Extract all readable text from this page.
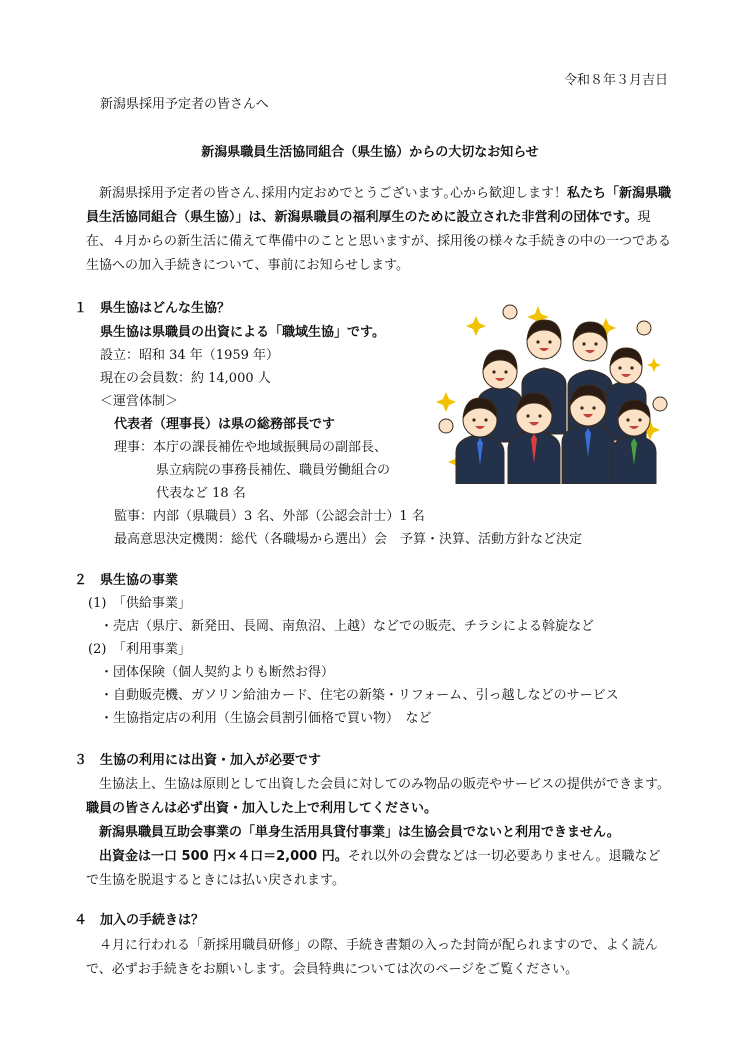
令和８年３月吉日
新潟県採用予定者の皆さんへ
新潟県職員生活協同組合（県生協）からの大切なお知らせ
新潟県採用予定者の皆さん､採用内定おめでとうございます｡心から歓迎します！私たち「新潟県職員生活協同組合（県生協）」は、新潟県職員の福利厚生のために設立された非営利の団体です。現在、４月からの新生活に備えて準備中のことと思いますが、採用後の様々な手続きの中の一つである生協への加入手続きについて、事前にお知らせします。
１　県生協はどんな生協？
県生協は県職員の出資による「職域生協」です。
設立：昭和 34 年（1959 年）
現在の会員数：約 14,000 人
＜運営体制＞
代表者（理事長）は県の総務部長です
理事：本庁の課長補佐や地域振興局の副部長、
県立病院の事務長補佐、職員労働組合の
代表など 18 名
監事：内部（県職員）3 名、外部（公認会計士）1 名
最高意思決定機関：総代（各職場から選出）会　予算・決算、活動方針など決定
２　県生協の事業
(1)　「供給事業」
・売店（県庁、新発田、長岡、南魚沼、上越）などでの販売、チラシによる斡旋など
(2)　「利用事業」
・団体保険（個人契約よりも断然お得）
・自動販売機、ガソリン給油カード、住宅の新築・リフォーム、引っ越しなどのサービス
・生協指定店の利用（生協会員割引価格で買い物）　など
３　生協の利用には出資・加入が必要です

生協法上、生協は原則として出資した会員に対してのみ物品の販売やサービスの提供ができます。職員の皆さんは必ず出資・加入した上で利用してください。

新潟県職員互助会事業の「単身生活用具貸付事業」は生協会員でないと利用できません。

出資金は一口 500 円×４口＝2,000 円。それ以外の会費などは一切必要ありません。退職などで生協を脱退するときには払い戻されます。

４　加入の手続きは？
４月に行われる「新採用職員研修」の際、手続き書類の入った封筒が配られますので、よく読んで、必ずお手続きをお願いします。会員特典については次のページをご覧ください。
